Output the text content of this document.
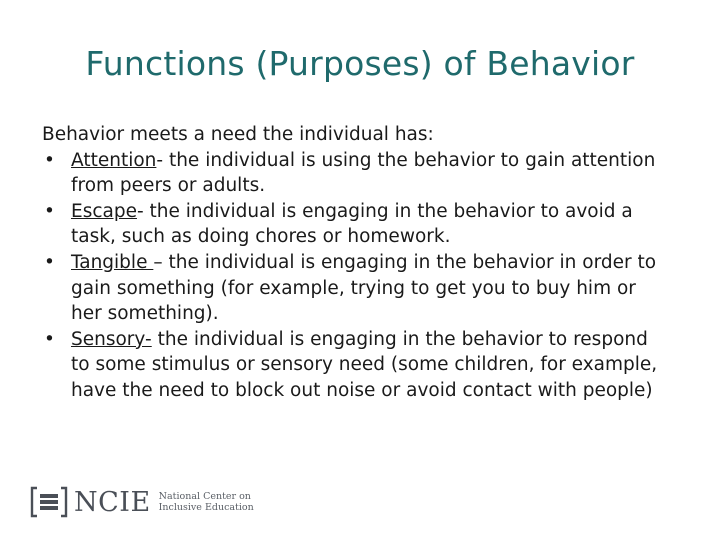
Functions (Purposes) of Behavior

Behavior meets a need the individual has:

• Attention- the individual is using the behavior to gain attention from peers or adults.
• Escape- the individual is engaging in the behavior to avoid a task, such as doing chores or homework.
• Tangible – the individual is engaging in the behavior in order to gain something (for example, trying to get you to buy him or her something).
• Sensory- the individual is engaging in the behavior to respond to some stimulus or sensory need (some children, for example, have the need to block out noise or avoid contact with people)
NCIE National Center on
Inclusive Education
